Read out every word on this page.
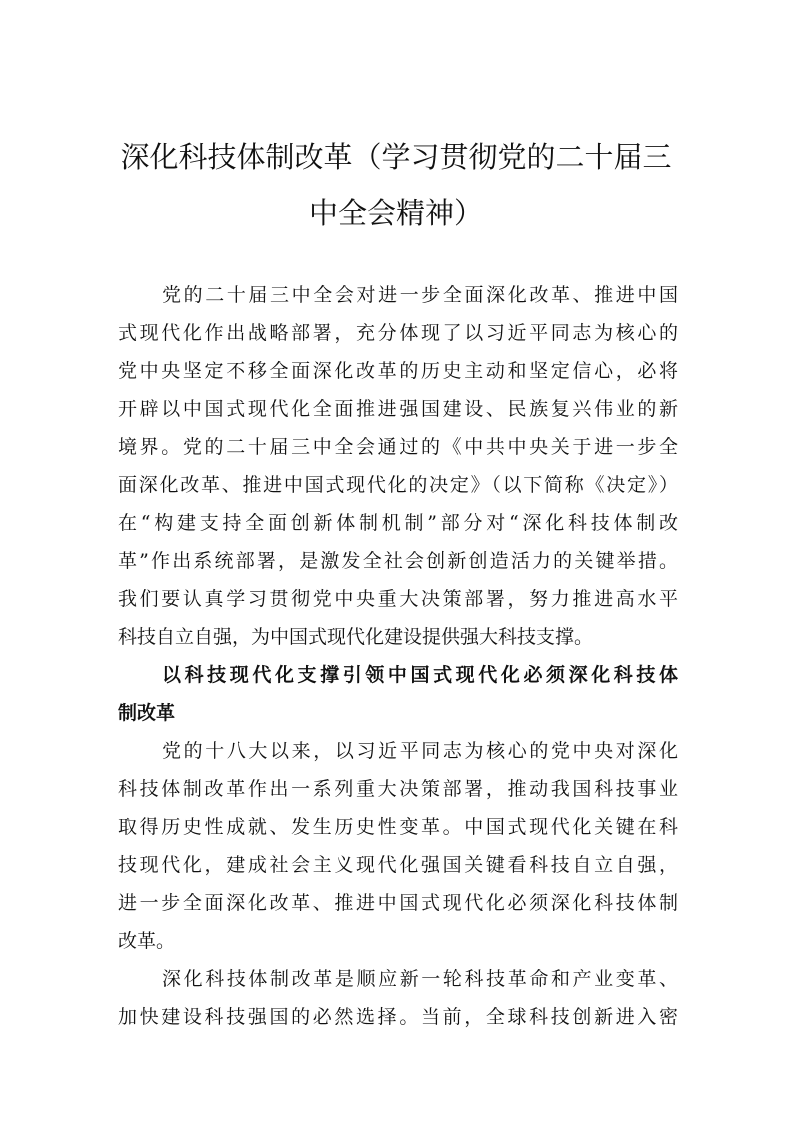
深化科技体制改革（学习贯彻党的二十届三
中全会精神）
党的二十届三中全会对进一步全面深化改革、推进中国
式现代化作出战略部署，充分体现了以习近平同志为核心的
党中央坚定不移全面深化改革的历史主动和坚定信心，必将
开辟以中国式现代化全面推进强国建设、民族复兴伟业的新
境界。党的二十届三中全会通过的《中共中央关于进一步全
面深化改革、推进中国式现代化的决定》（以下简称《决定》）
在“构建支持全面创新体制机制”部分对“深化科技体制改
革”作出系统部署，是激发全社会创新创造活力的关键举措。
我们要认真学习贯彻党中央重大决策部署，努力推进高水平
科技自立自强，为中国式现代化建设提供强大科技支撑。
以科技现代化支撑引领中国式现代化必须深化科技体
制改革
党的十八大以来，以习近平同志为核心的党中央对深化
科技体制改革作出一系列重大决策部署，推动我国科技事业
取得历史性成就、发生历史性变革。中国式现代化关键在科
技现代化，建成社会主义现代化强国关键看科技自立自强，
进一步全面深化改革、推进中国式现代化必须深化科技体制
改革。
深化科技体制改革是顺应新一轮科技革命和产业变革、
加快建设科技强国的必然选择。当前，全球科技创新进入密
